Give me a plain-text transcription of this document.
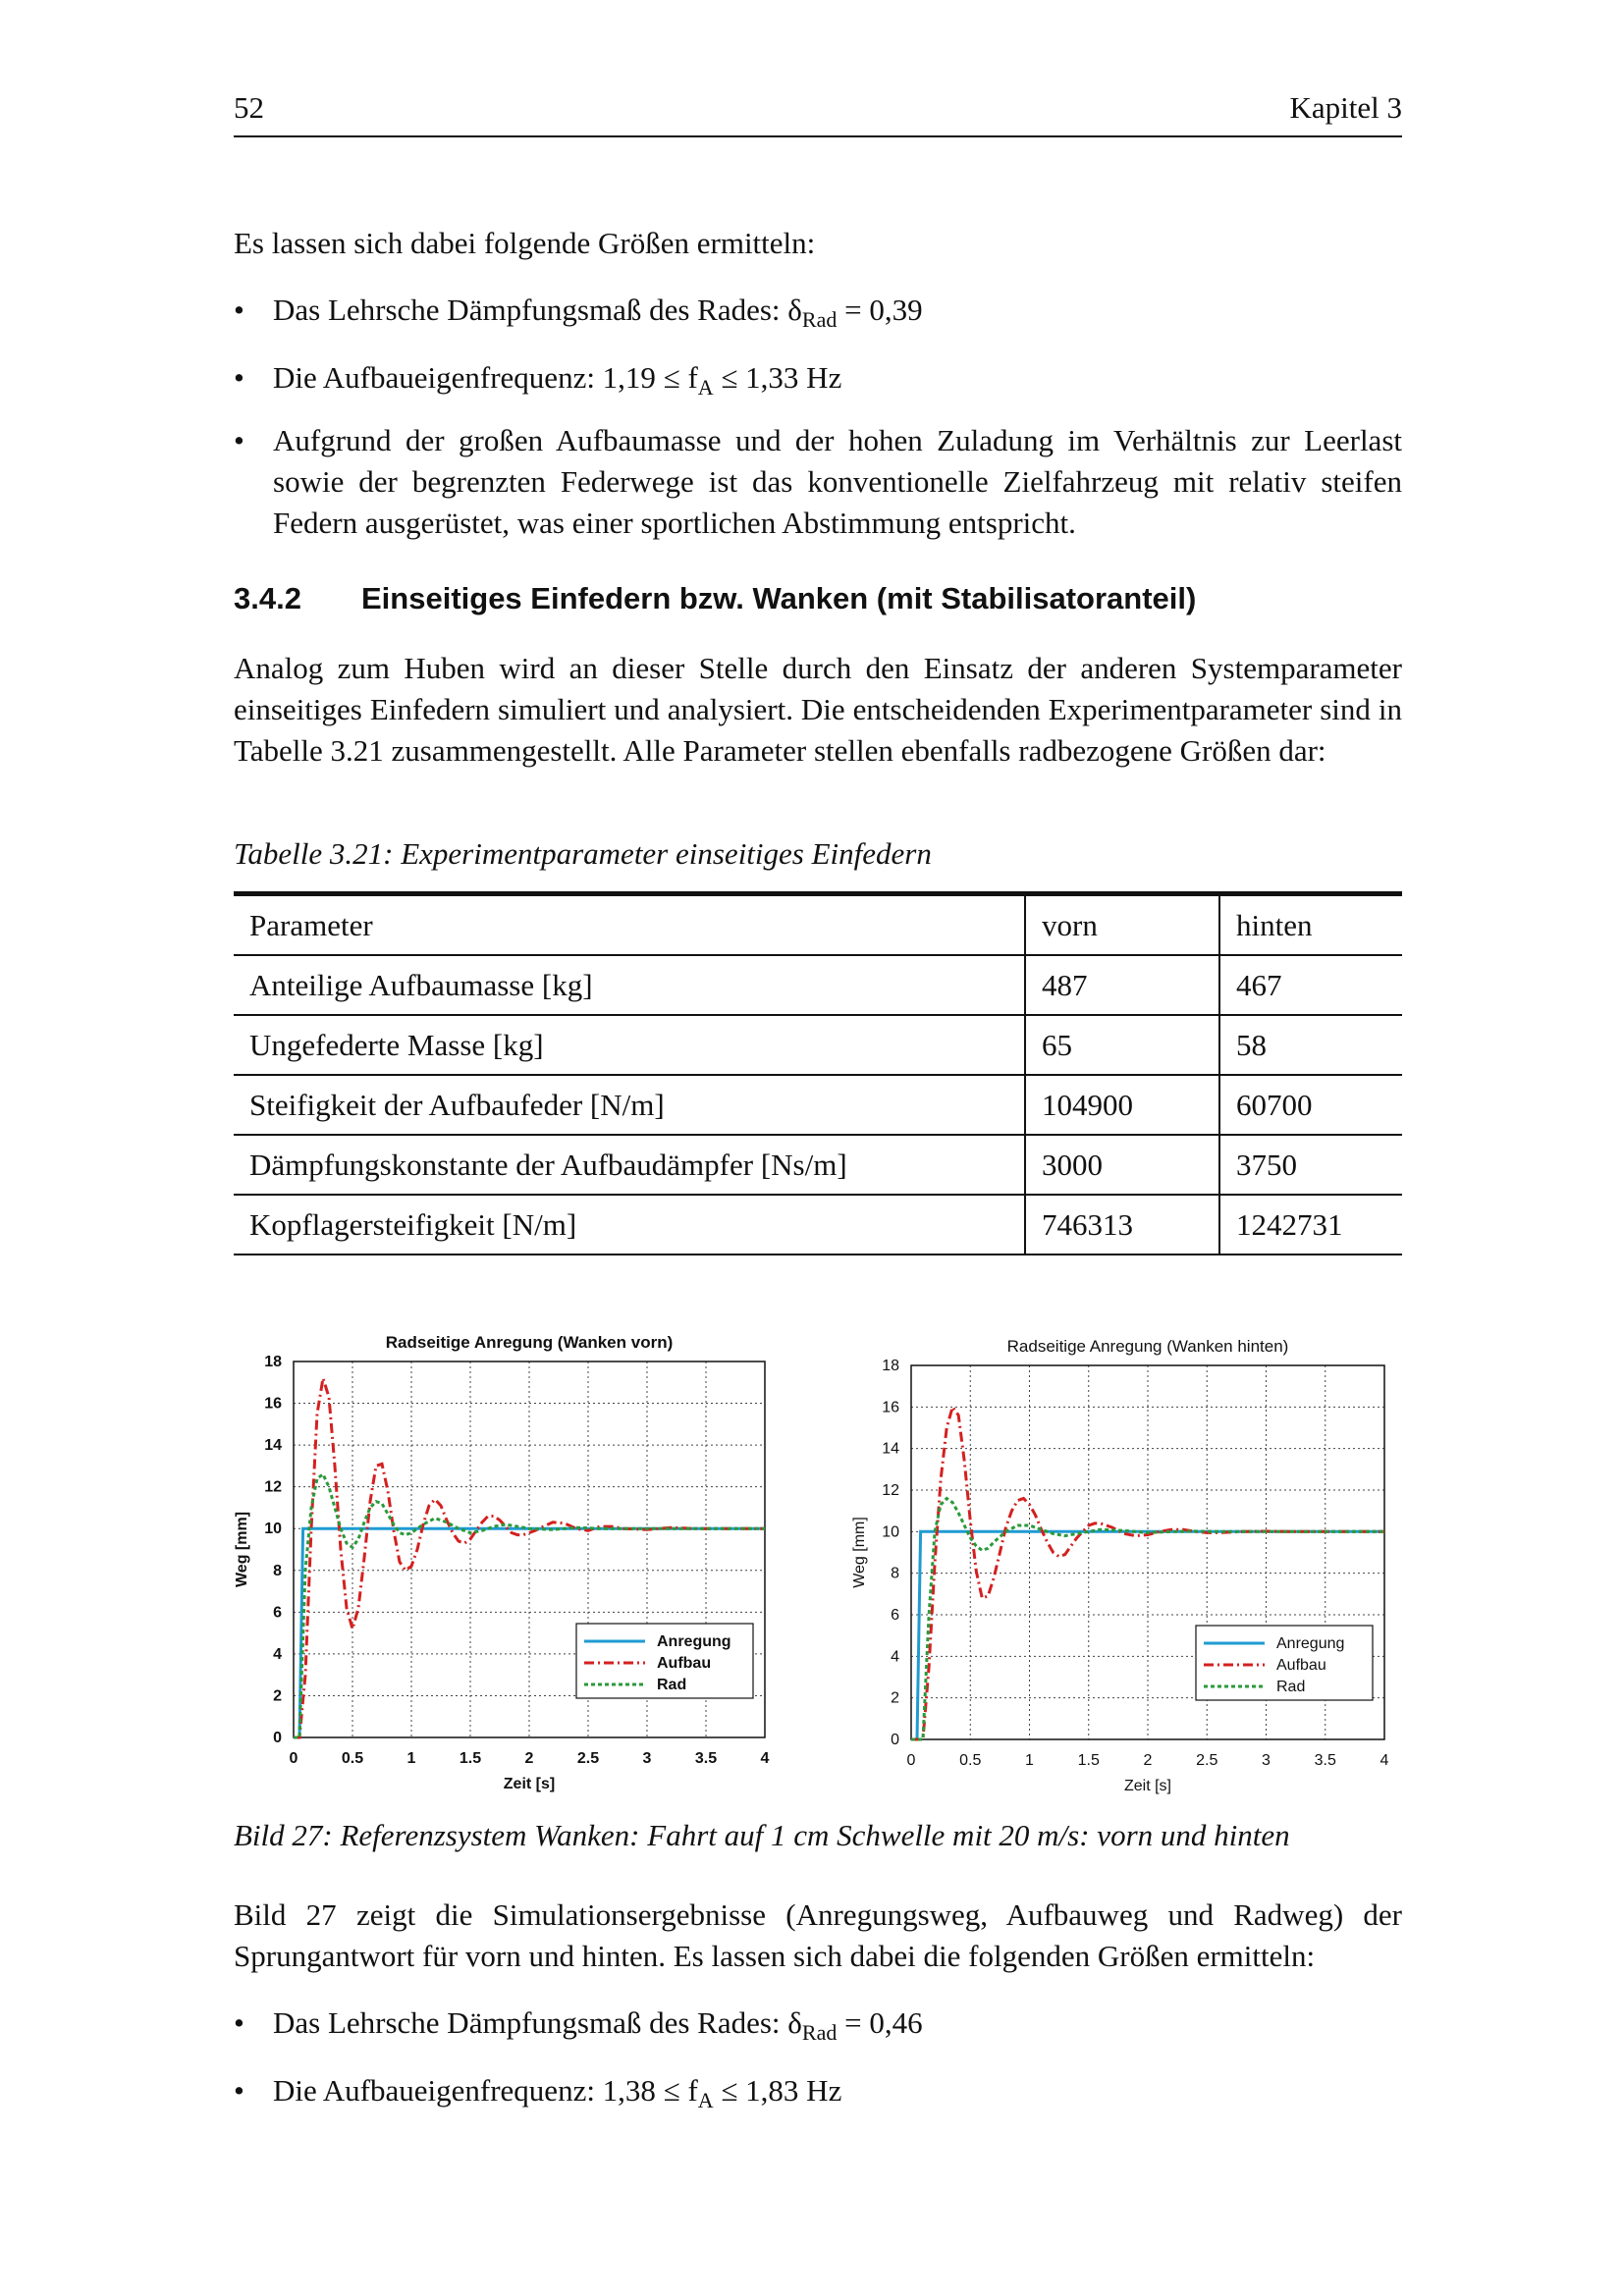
52	Kapitel 3

Es lassen sich dabei folgende Größen ermitteln:

• Das Lehrsche Dämpfungsmaß des Rades: $\delta_{Rad} = 0,39$
• Die Aufbaueigenfrequenz: $1,19 \le f_A \le 1,33$ Hz
• Aufgrund der großen Aufbaumasse und der hohen Zuladung im Verhältnis zur Leerlast sowie der begrenzten Federwege ist das konventionelle Zielfahrzeug mit relativ steifen Federn ausgerüstet, was einer sportlichen Abstimmung entspricht.
3.4.2 Einseitiges Einfedern bzw. Wanken (mit Stabilisatoranteil)

Analog zum Huben wird an dieser Stelle durch den Einsatz der anderen Systemparameter einseitiges Einfedern simuliert und analysiert. Die entscheidenden Experimentparameter sind in Tabelle 3.21 zusammengestellt. Alle Parameter stellen ebenfalls radbezogene Größen dar:

Tabelle 3.21: Experimentparameter einseitiges Einfedern
Parameter	vorn	hinten
Anteilige Aufbaumasse [kg]	487	467
Ungefederte Masse [kg]	65	58
Steifigkeit der Aufbaufeder [N/m]	104900	60700
Dämpfungskonstante der Aufbaudämpfer [Ns/m]	3000	3750
Kopflagersteifigkeit [N/m]	746313	1242731
Bild 27: Referenzsystem Wanken: Fahrt auf 1 cm Schwelle mit 20 m/s: vorn und hinten

Bild 27 zeigt die Simulationsergebnisse (Anregungsweg, Aufbauweg und Radweg) der Sprungantwort für vorn und hinten. Es lassen sich dabei die folgenden Größen ermitteln:

• Das Lehrsche Dämpfungsmaß des Rades: $\delta_{Rad} = 0,46$
• Die Aufbaueigenfrequenz: $1,38 \le f_A \le 1,83$ Hz
Radseitige Anregung (Wanken vorn)
0	0.5	1	1.5	2	2.5	3	3.5	4
0
2
4
6
8
10
12
14
16
18
Zeit [s]
Weg [mm]
Anregung
Aufbau
Rad
Radseitige Anregung (Wanken hinten)
0	0.5	1	1.5	2	2.5	3	3.5	4
0
2
4
6
8
10
12
14
16
18
Zeit [s]
Weg [mm]
Anregung
Aufbau
Rad
